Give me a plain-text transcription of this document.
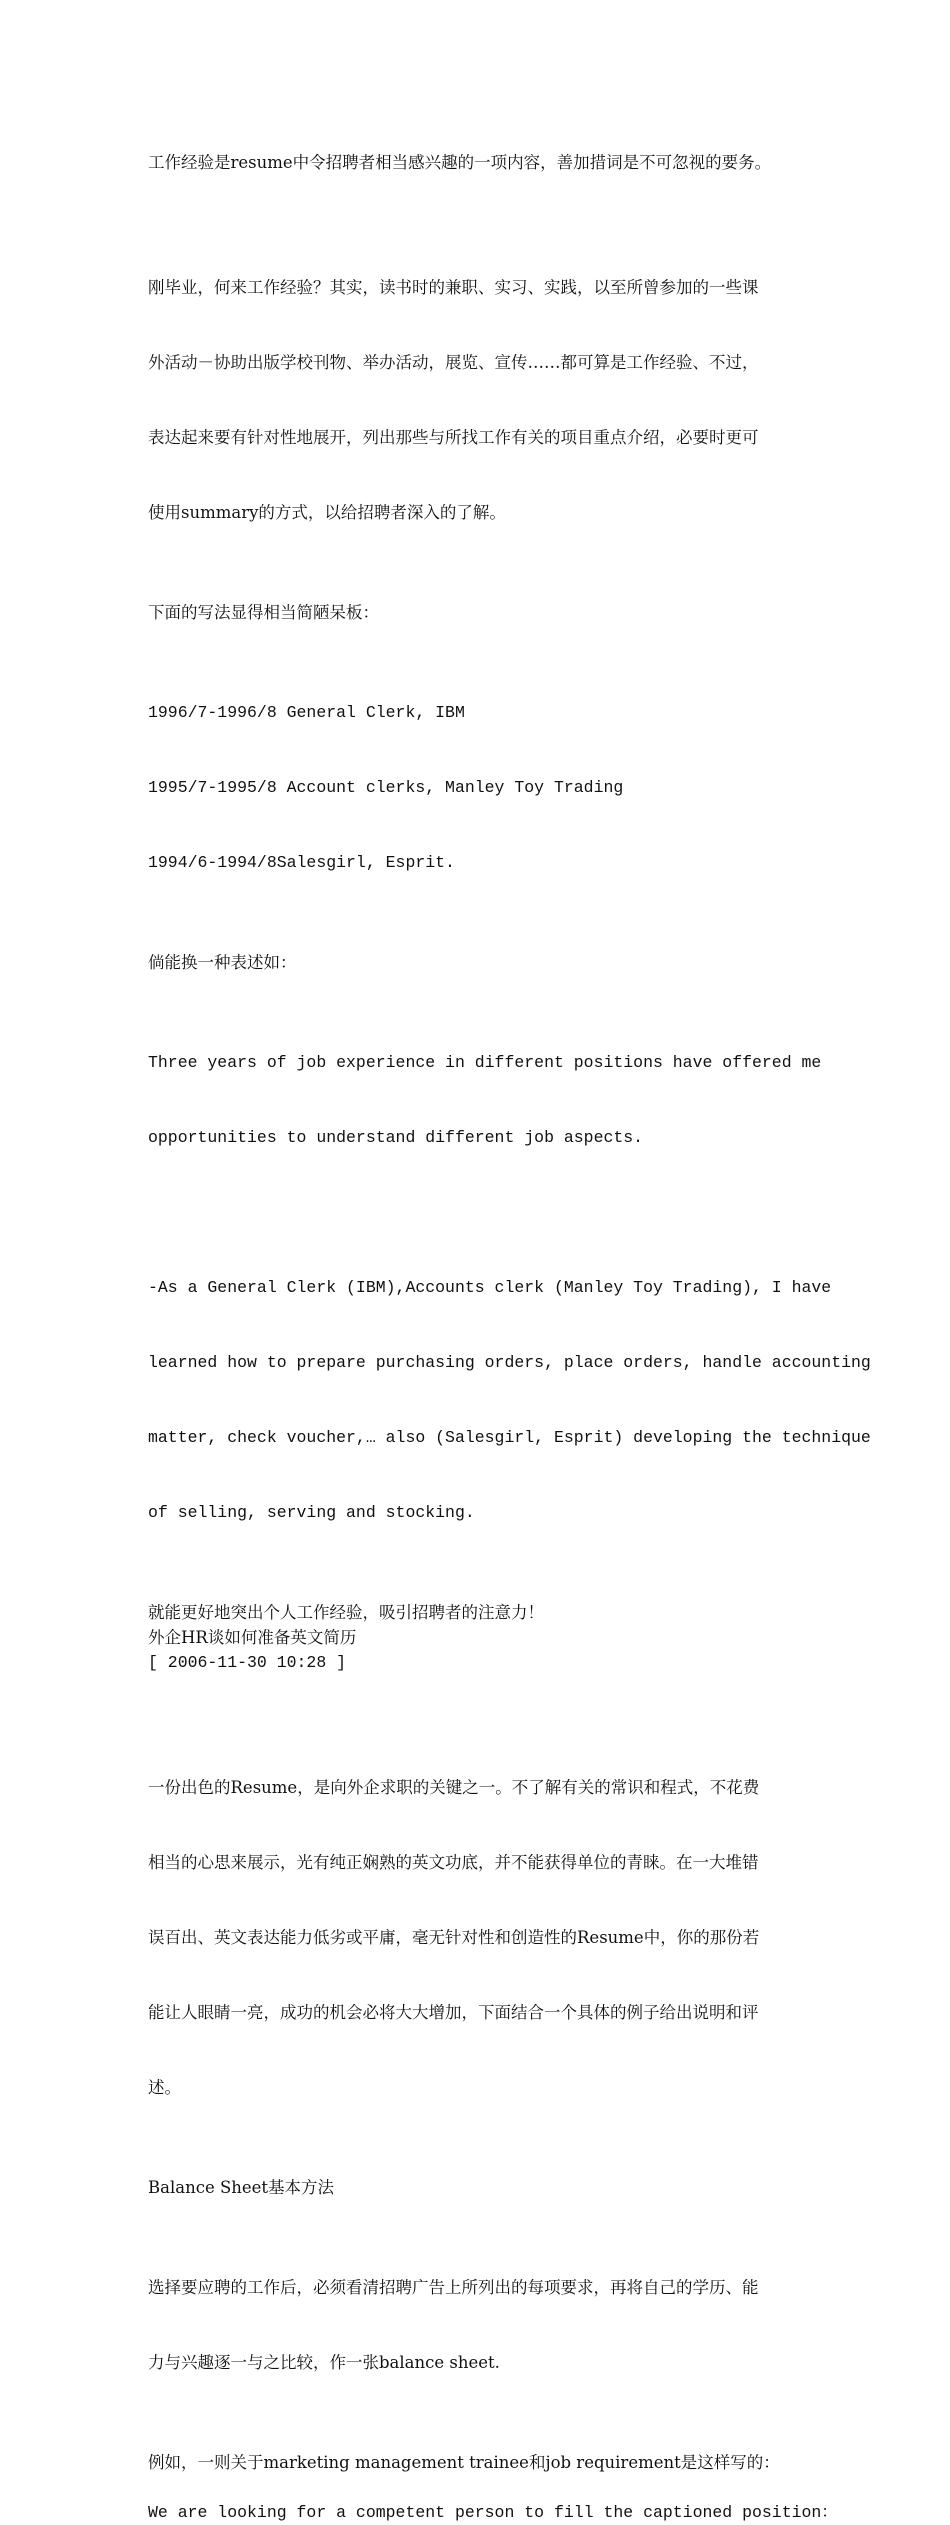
工作经验是resume中令招聘者相当感兴趣的一项内容，善加措词是不可忽视的要务。

刚毕业，何来工作经验？其实，读书时的兼职、实习、实践，以至所曾参加的一些课

外活动－协助出版学校刊物、举办活动，展览、宣传……都可算是工作经验、不过，

表达起来要有针对性地展开，列出那些与所找工作有关的项目重点介绍，必要时更可

使用summary的方式，以给招聘者深入的了解。

下面的写法显得相当简陋呆板：

1996/7-1996/8 General Clerk, IBM

1995/7-1995/8 Account clerks, Manley Toy Trading

1994/6-1994/8Salesgirl, Esprit.

倘能换一种表述如：

Three years of job experience in different positions have offered me

opportunities to understand different job aspects.

-As a General Clerk (IBM),Accounts clerk (Manley Toy Trading), I have

learned how to prepare purchasing orders, place orders, handle accounting

matter, check voucher,… also (Salesgirl, Esprit) developing the technique

of selling, serving and stocking.

就能更好地突出个人工作经验，吸引招聘者的注意力！

外企HR谈如何准备英文简历

[ 2006-11-30 10:28 ]

一份出色的Resume，是向外企求职的关键之一。不了解有关的常识和程式，不花费

相当的心思来展示，光有纯正娴熟的英文功底，并不能获得单位的青睐。在一大堆错

误百出、英文表达能力低劣或平庸，毫无针对性和创造性的Resume中，你的那份若

能让人眼睛一亮，成功的机会必将大大增加，下面结合一个具体的例子给出说明和评

述。

Balance Sheet基本方法

选择要应聘的工作后，必须看清招聘广告上所列出的每项要求，再将自己的学历、能

力与兴趣逐一与之比较，作一张balance sheet.

例如，一则关于marketing management trainee和job requirement是这样写的：

We are looking for a competent person to fill the captioned position：
